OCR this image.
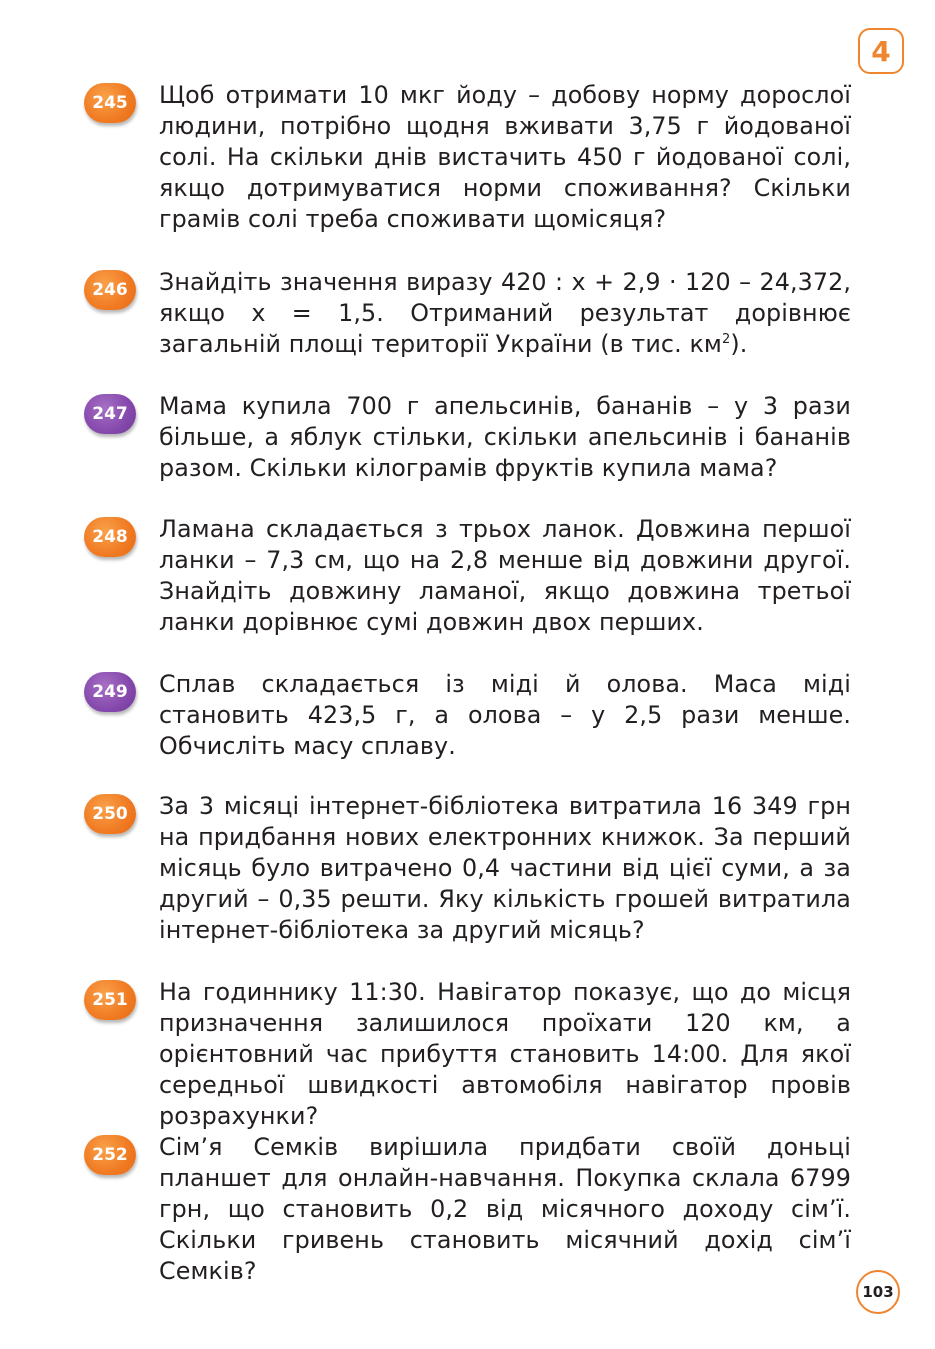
4
245	Щоб отримати 10 мкг йоду – добову норму дорослої людини, потрібно щодня вживати 3,75 г йодованої солі. На скільки днів вистачить 450 г йодованої солі, якщо дотримуватися норми споживання? Скільки грамів солі треба споживати щомісяця?

246	Знайдіть значення виразу 420 : x + 2,9 · 120 – 24,372, якщо x = 1,5. Отриманий результат дорівнює загальній площі території України (в тис. $км^2$).

247	Мама купила 700 г апельсинів, бананів – у 3 рази більше, а яблук стільки, скільки апельсинів і бананів разом. Скільки кілограмів фруктів купила мама?

248	Ламана складається з трьох ланок. Довжина першої ланки – 7,3 см, що на 2,8 менше від довжини другої. Знайдіть довжину ламаної, якщо довжина третьої ланки дорівнює сумі довжин двох перших.

249	Сплав складається із міді й олова. Маса міді становить 423,5 г, а олова – у 2,5 рази менше. Обчисліть масу сплаву.

250	За 3 місяці інтернет-бібліотека витратила 16 349 грн на придбання нових електронних книжок. За перший місяць було витрачено 0,4 частини від цієї суми, а за другий – 0,35 решти. Яку кількість грошей витратила інтернет-бібліотека за другий місяць?

251	На годиннику 11:30. Навігатор показує, що до місця призначення залишилося проїхати 120 км, а орієнтовний час прибуття становить 14:00. Для якої середньої швидкості автомобіля навігатор провів розрахунки?

252	Сім’я Семків вирішила придбати своїй доньці планшет для онлайн-навчання. Покупка склала 6799 грн, що становить 0,2 від місячного доходу сім’ї. Скільки гривень становить місячний дохід сім’ї Семків?

103
